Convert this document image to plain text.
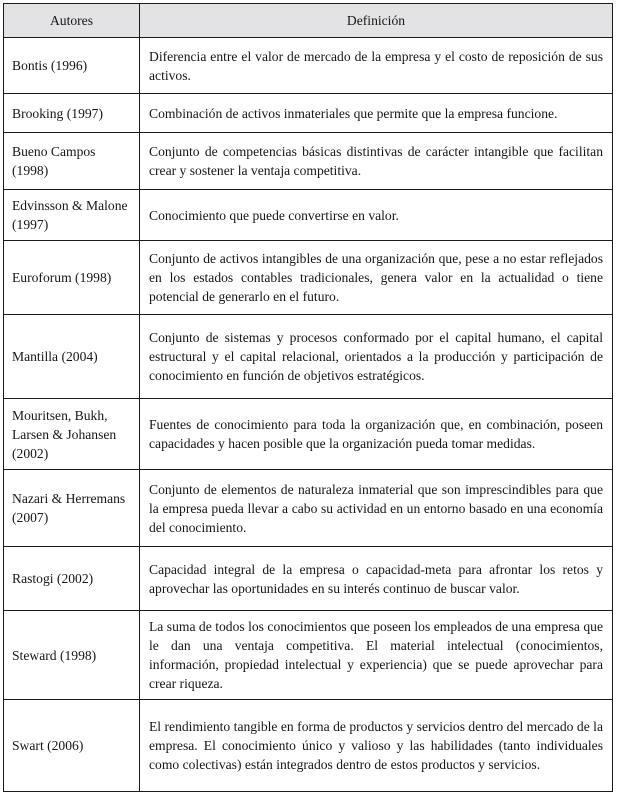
Autores	Definición
Bontis (1996)	Diferencia entre el valor de mercado de la empresa y el costo de reposición de sus activos.
Brooking (1997)	Combinación de activos inmateriales que permite que la empresa funcione.
Bueno Campos (1998)	Conjunto de competencias básicas distintivas de carácter intangible que facilitan crear y sostener la ventaja competitiva.
Edvinsson & Malone (1997)	Conocimiento que puede convertirse en valor.
Euroforum (1998)	Conjunto de activos intangibles de una organización que, pese a no estar reflejados en los estados contables tradicionales, genera valor en la actualidad o tiene potencial de generarlo en el futuro.
Mantilla (2004)	Conjunto de sistemas y procesos conformado por el capital humano, el capital estructural y el capital relacional, orientados a la producción y participación de conocimiento en función de objetivos estratégicos.
Mouritsen, Bukh, Larsen & Johansen (2002)	Fuentes de conocimiento para toda la organización que, en combinación, poseen capacidades y hacen posible que la organización pueda tomar medidas.
Nazari & Herremans (2007)	Conjunto de elementos de naturaleza inmaterial que son imprescindibles para que la empresa pueda llevar a cabo su actividad en un entorno basado en una economía del conocimiento.
Rastogi (2002)	Capacidad integral de la empresa o capacidad-meta para afrontar los retos y aprovechar las oportunidades en su interés continuo de buscar valor.
Steward (1998)	La suma de todos los conocimientos que poseen los empleados de una empresa que le dan una ventaja competitiva. El material intelectual (conocimientos, información, propiedad intelectual y experiencia) que se puede aprovechar para crear riqueza.
Swart (2006)	El rendimiento tangible en forma de productos y servicios dentro del mercado de la empresa. El conocimiento único y valioso y las habilidades (tanto individuales como colectivas) están integrados dentro de estos productos y servicios.
